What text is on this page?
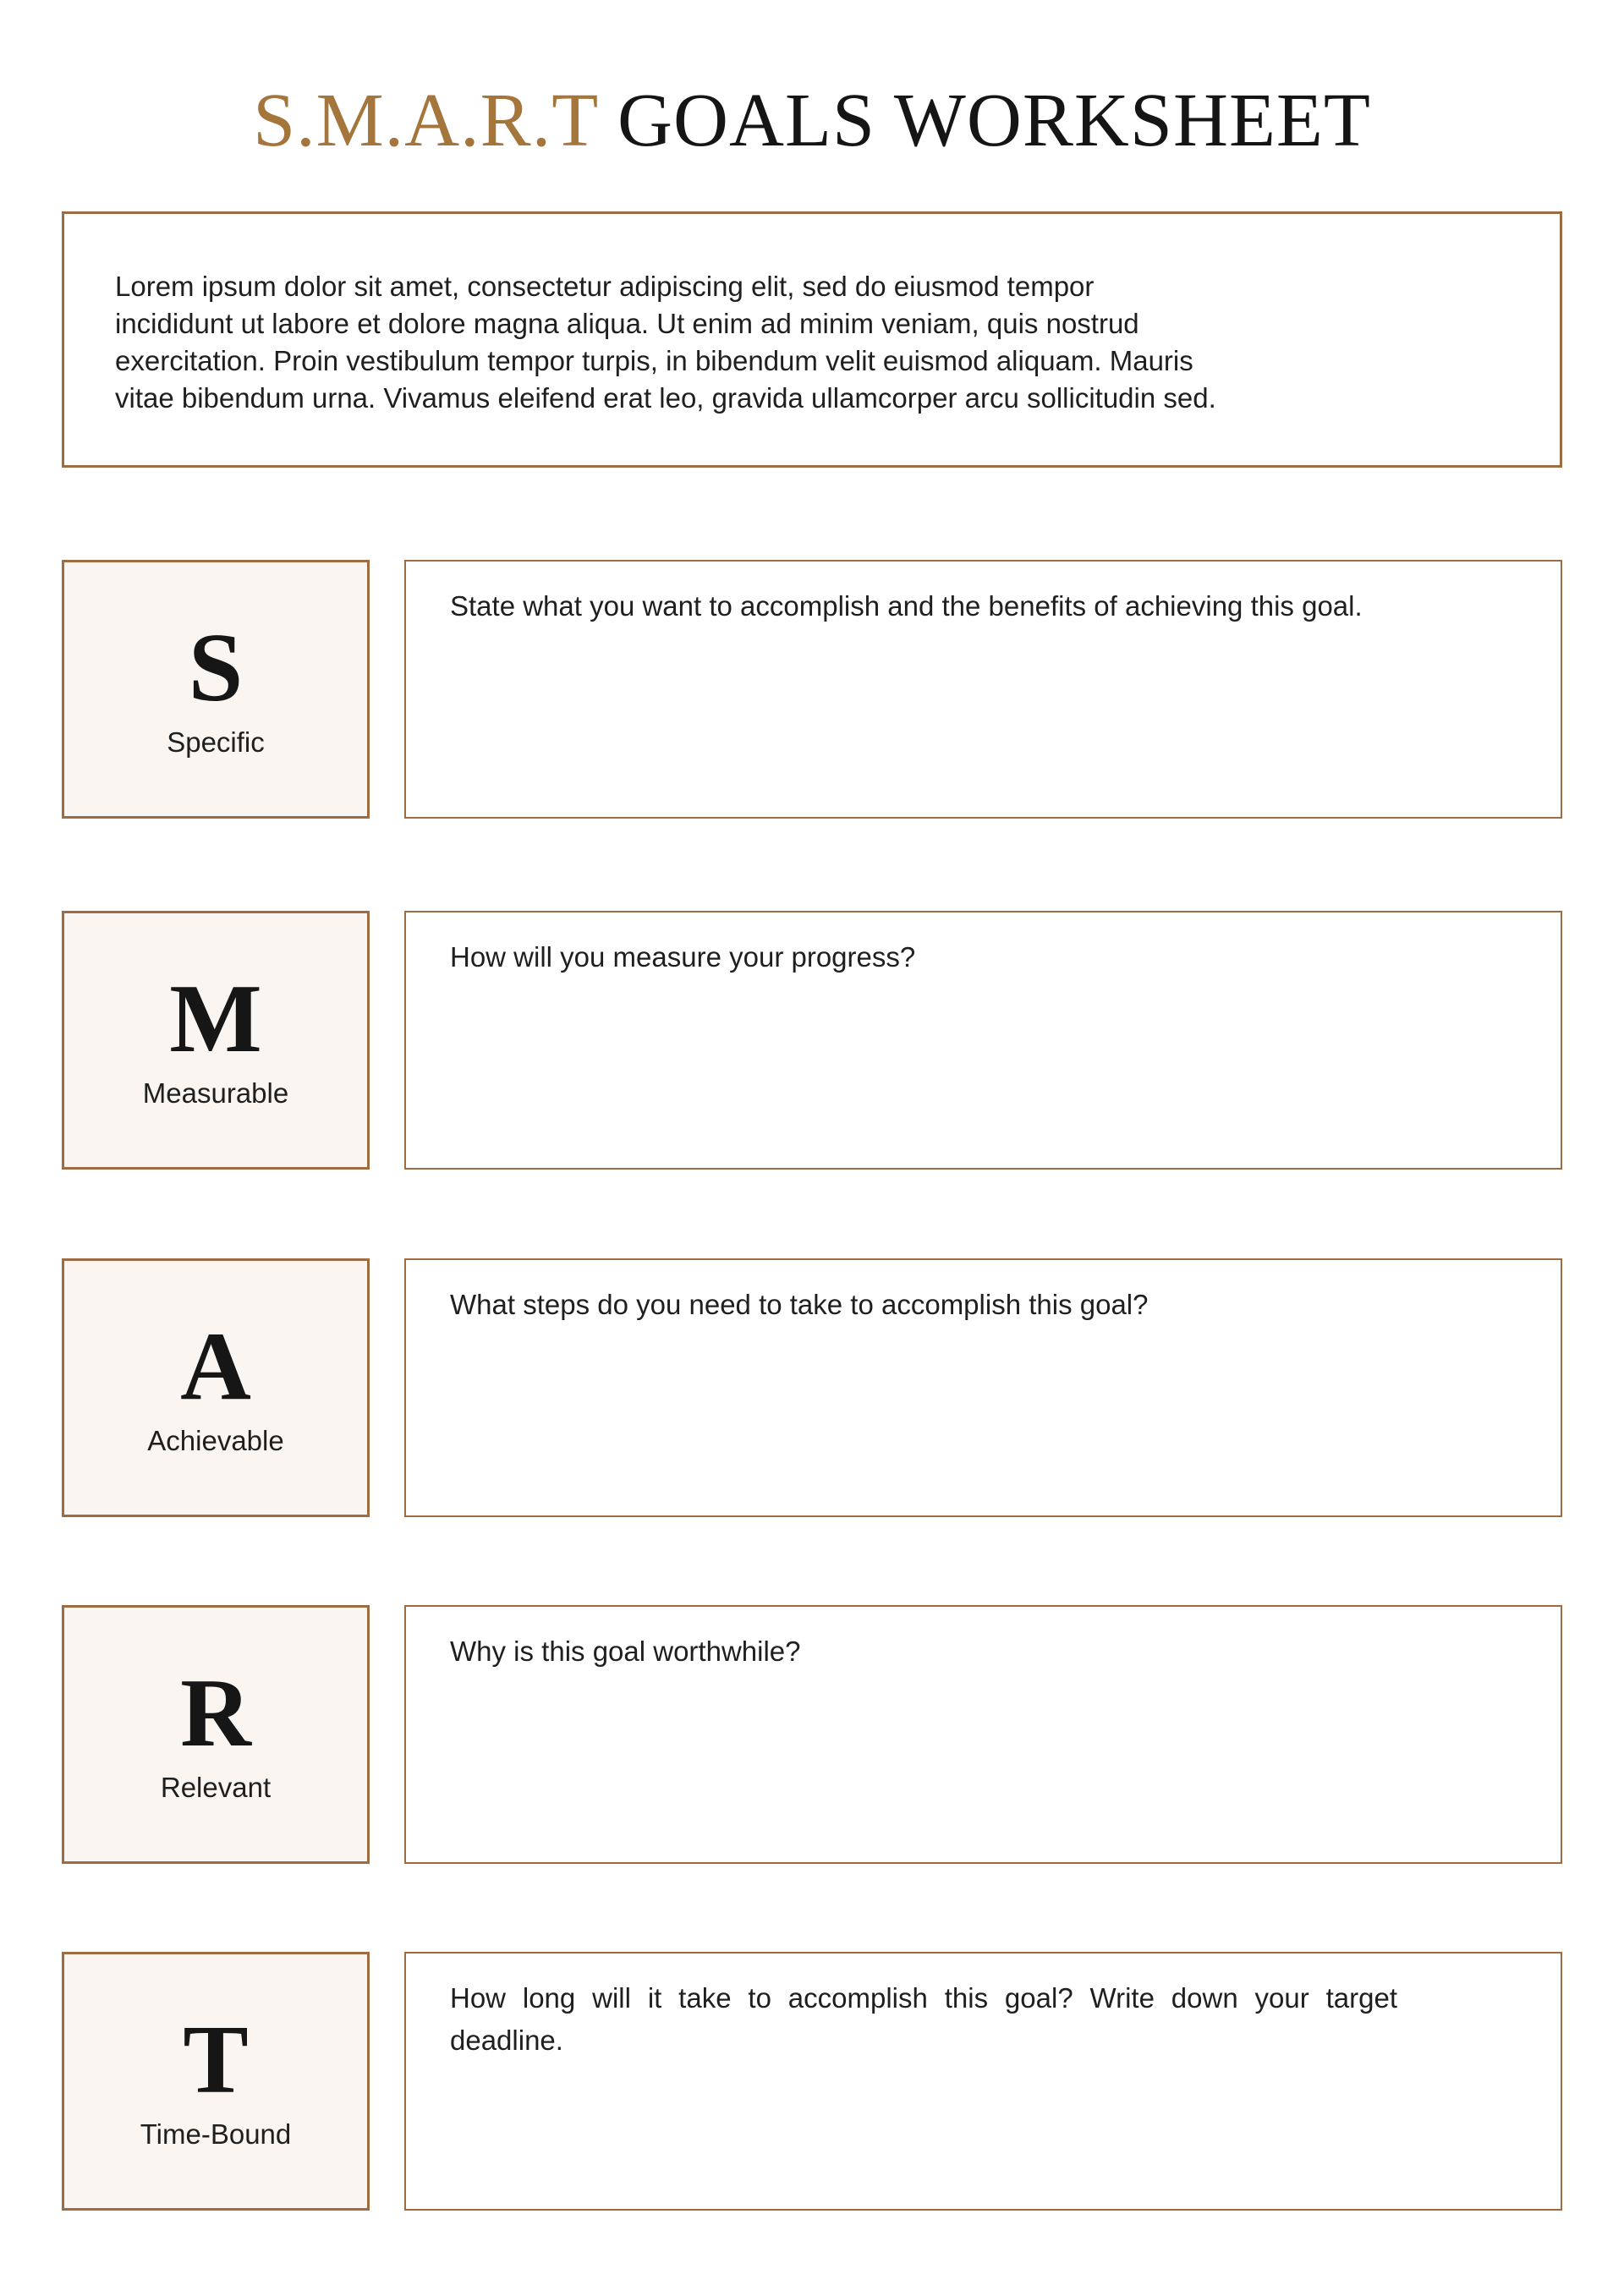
S.M.A.R.T GOALS WORKSHEET
Lorem ipsum dolor sit amet, consectetur adipiscing elit, sed do eiusmod tempor
incididunt ut labore et dolore magna aliqua. Ut enim ad minim veniam, quis nostrud
exercitation. Proin vestibulum tempor turpis, in bibendum velit euismod aliquam. Mauris
vitae bibendum urna. Vivamus eleifend erat leo, gravida ullamcorper arcu sollicitudin sed.
S
Specific
State what you want to accomplish and the benefits of achieving this goal.
M
Measurable
How will you measure your progress?
A
Achievable
What steps do you need to take to accomplish this goal?
R
Relevant
Why is this goal worthwhile?
T
Time-Bound
How long will it take to accomplish this goal? Write down your target deadline.
